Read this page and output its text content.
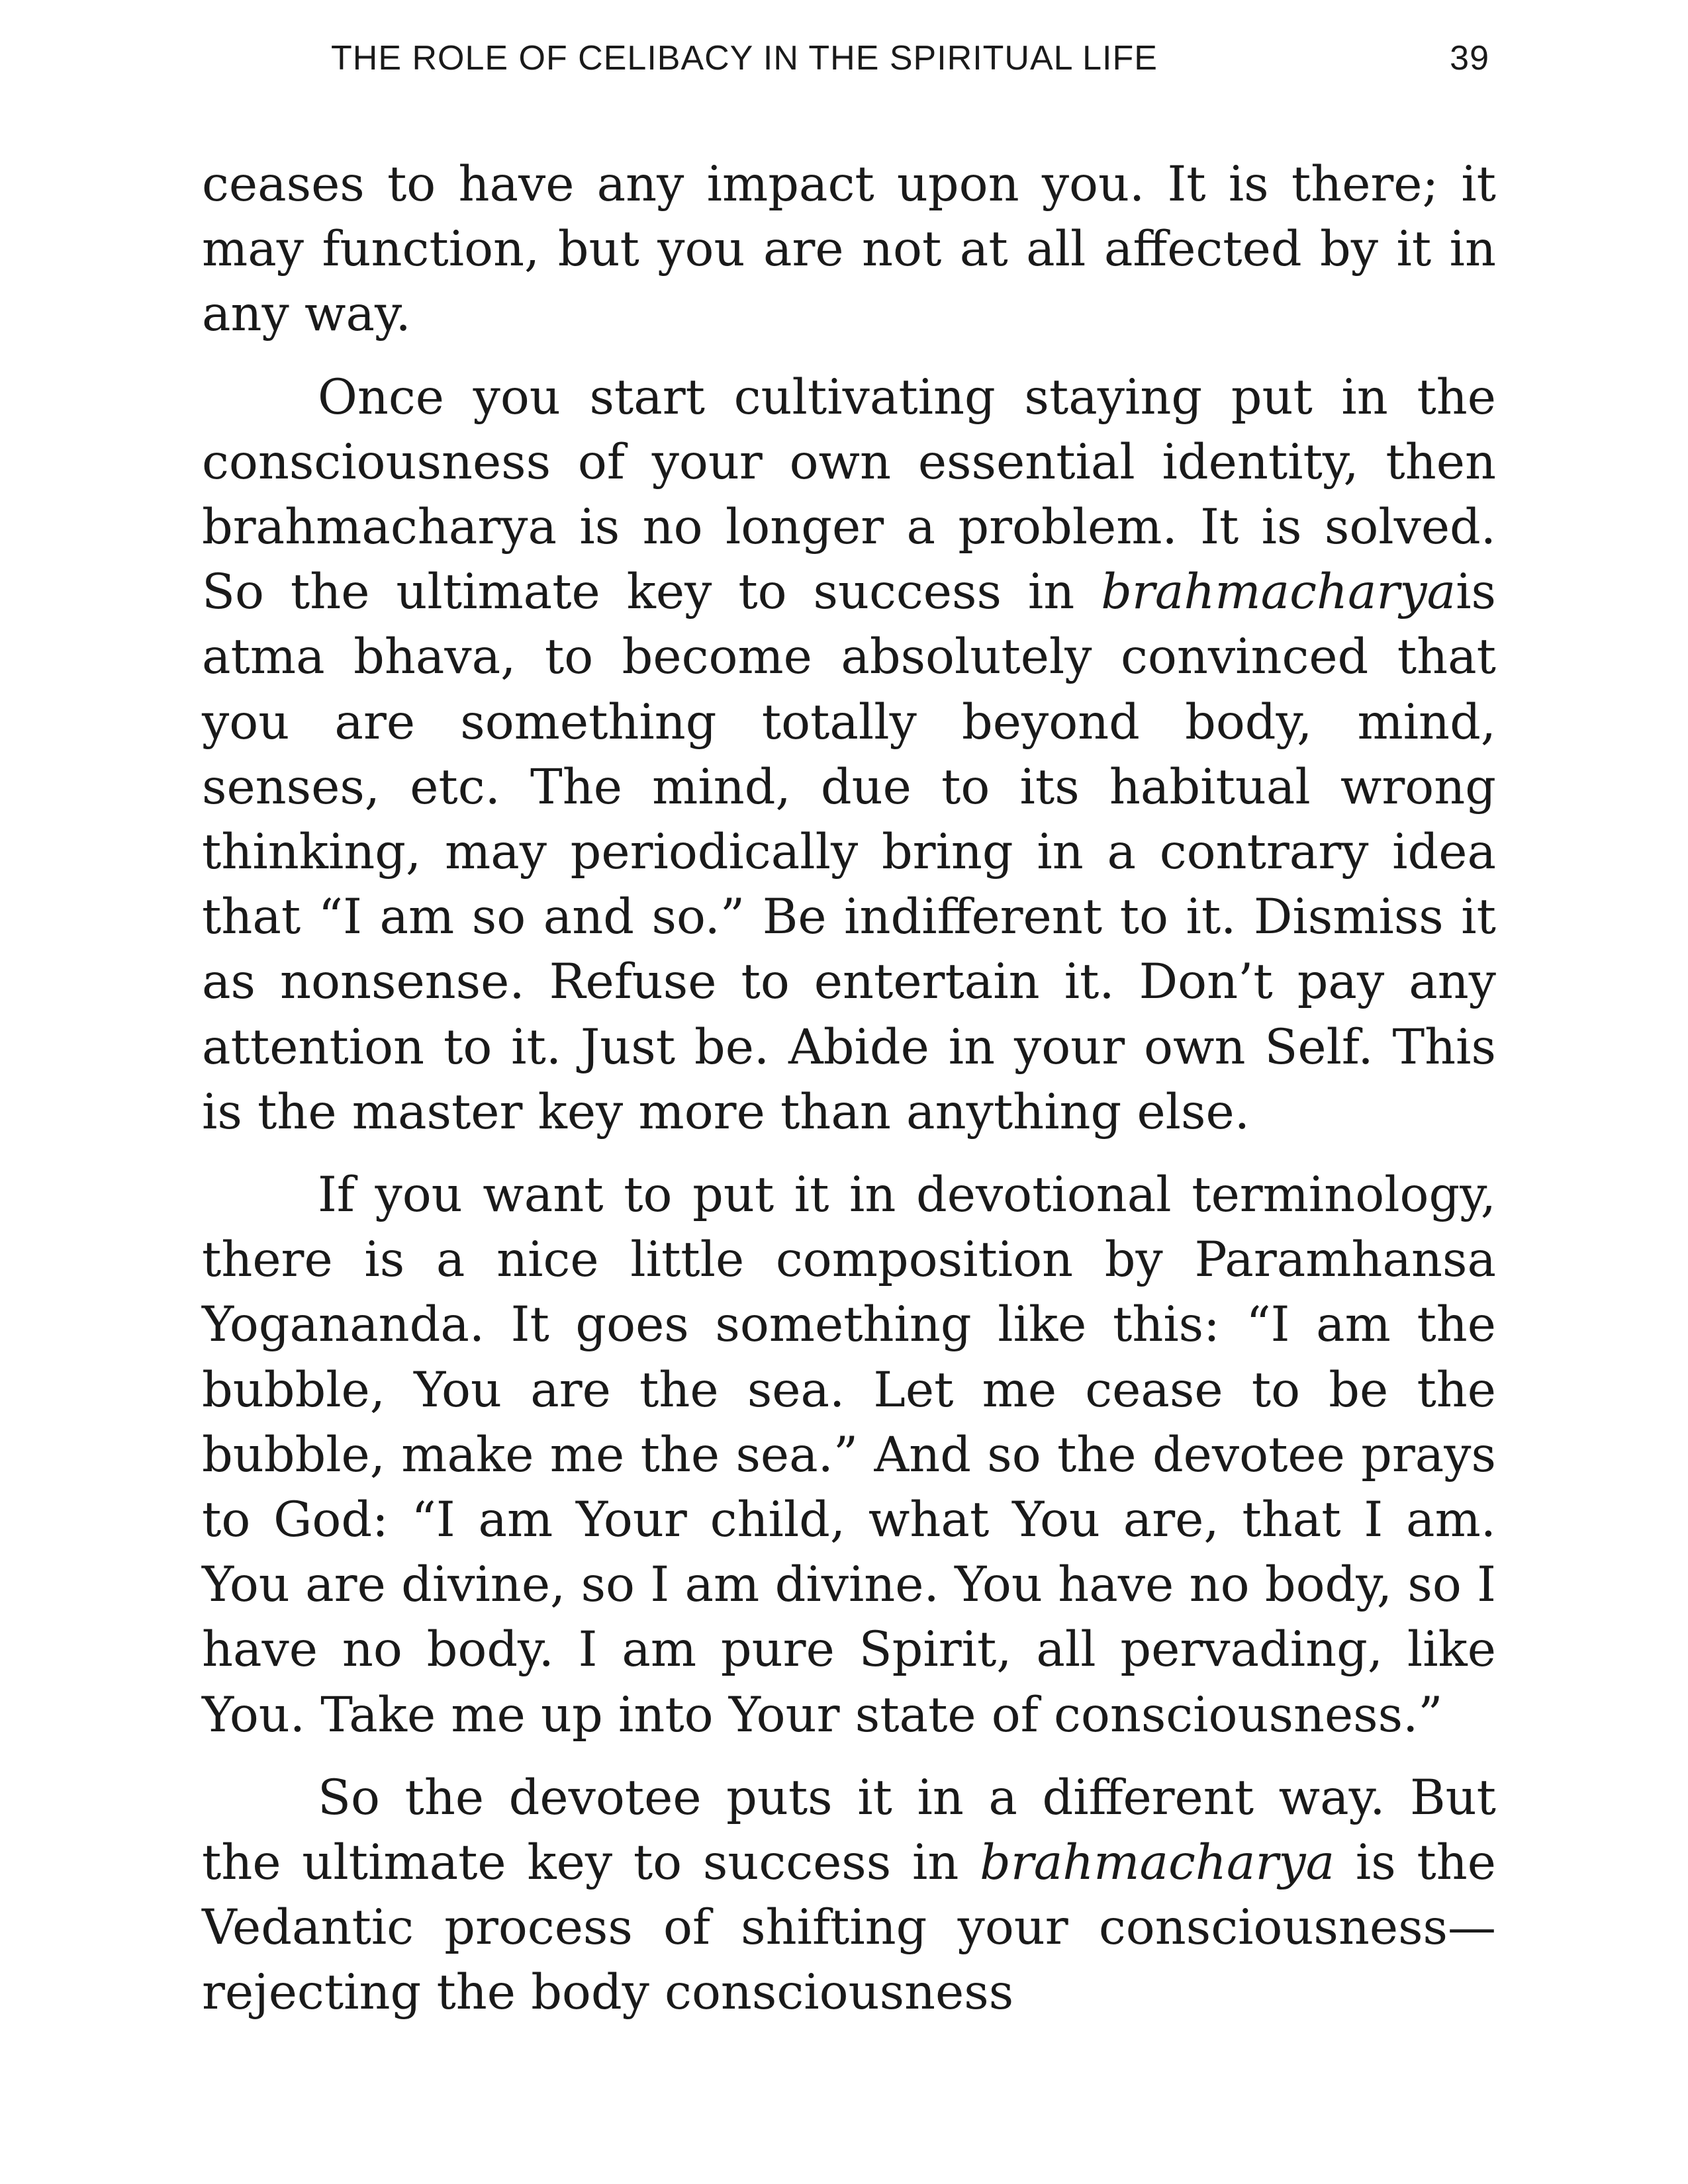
THE ROLE OF CELIBACY IN THE SPIRITUAL LIFE	39

ceases to have any impact upon you. It is there; it may function, but you are not at all affected by it in any way.

Once you start cultivating staying put in the consciousness of your own essential identity, then brahmacharya is no longer a problem. It is solved. So the ultimate key to success in brahmacharyais atma bhava, to become absolutely convinced that you are something totally beyond body, mind, senses, etc. The mind, due to its habitual wrong thinking, may periodically bring in a contrary idea that “I am so and so.” Be indifferent to it. Dismiss it as nonsense. Refuse to entertain it. Don’t pay any attention to it. Just be. Abide in your own Self. This is the master key more than anything else.

If you want to put it in devotional terminology, there is a nice little composition by Paramhansa Yogananda. It goes something like this: “I am the bubble, You are the sea. Let me cease to be the bubble, make me the sea.” And so the devotee prays to God: “I am Your child, what You are, that I am. You are divine, so I am divine. You have no body, so I have no body. I am pure Spirit, all pervading, like You. Take me up into Your state of consciousness.”

So the devotee puts it in a different way. But the ultimate key to success in brahmacharya is the Vedantic process of shifting your consciousness—rejecting the body consciousness
